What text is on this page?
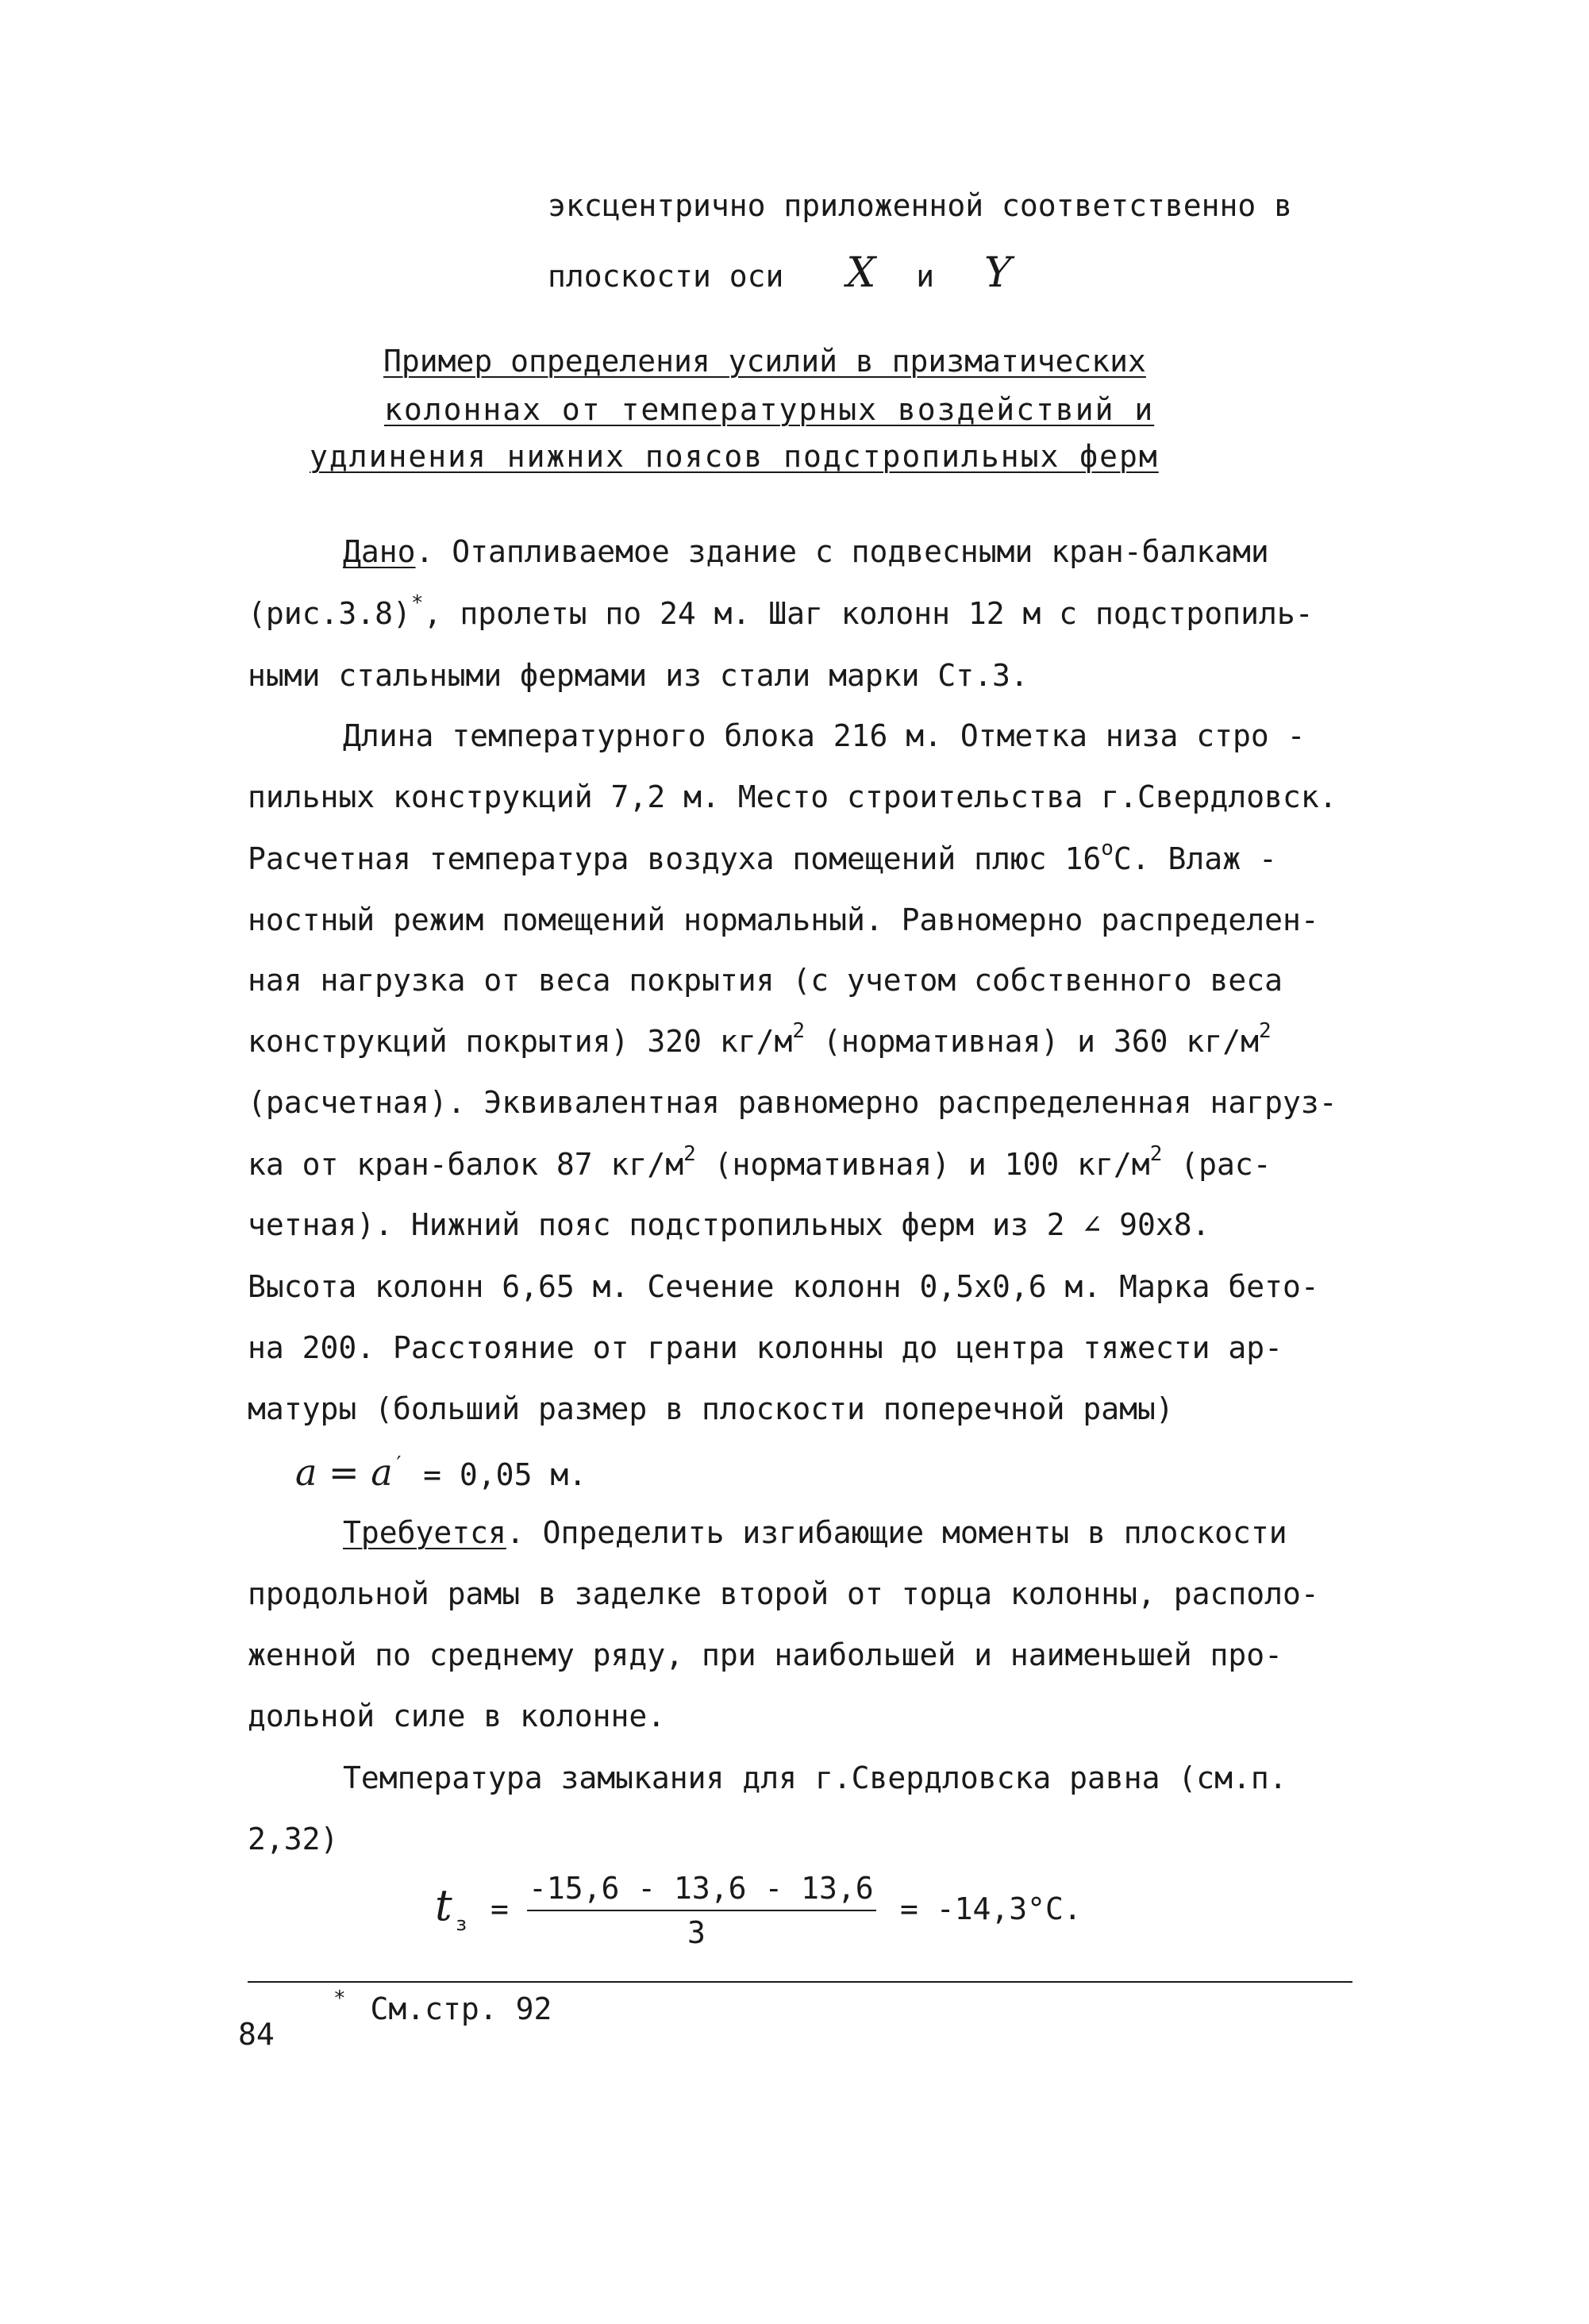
эксцентрично приложенной соответственно в
плоскости оси X и Y
Пример определения усилий в призматических
колоннах от температурных воздействий и
удлинения нижних поясов подстропильных ферм
Дано. Отапливаемое здание с подвесными кран-балками
(рис.3.8)*, пролеты по 24 м. Шаг колонн 12 м с подстропиль-
ными стальными фермами из стали марки Ст.3.
Длина температурного блока 216 м. Отметка низа стро -
пильных конструкций 7,2 м. Место строительства г.Свердловск.
Расчетная температура воздуха помещений плюс $16^оС$. Влаж -
ностный режим помещений нормальный. Равномерно распределен-
ная нагрузка от веса покрытия (с учетом собственного веса
конструкций покрытия) 320 $кг/м^2$ (нормативная) и 360 $кг/м^2$
(расчетная). Эквивалентная равномерно распределенная нагруз-
ка от кран-балок 87 $кг/м^2$ (нормативная) и 100 $кг/м^2$ (рас-
четная). Нижний пояс подстропильных ферм из 2 ∠ 90х8.
Высота колонн 6,65 м. Сечение колонн 0,5х0,6 м. Марка бето-
на 200. Расстояние от грани колонны до центра тяжести ар-
матуры (больший размер в плоскости поперечной рамы)
a = a′ = 0,05 м.
Требуется. Определить изгибающие моменты в плоскости
продольной рамы в заделке второй от торца колонны, располо-
женной по среднему ряду, при наибольшей и наименьшей про-
дольной силе в колонне.
Температура замыкания для г.Свердловска равна (см.п.
2,32)
t з =
-15,6 - 13,6 - 13,6
3
= -14,3°С.
* См.стр. 92
84
